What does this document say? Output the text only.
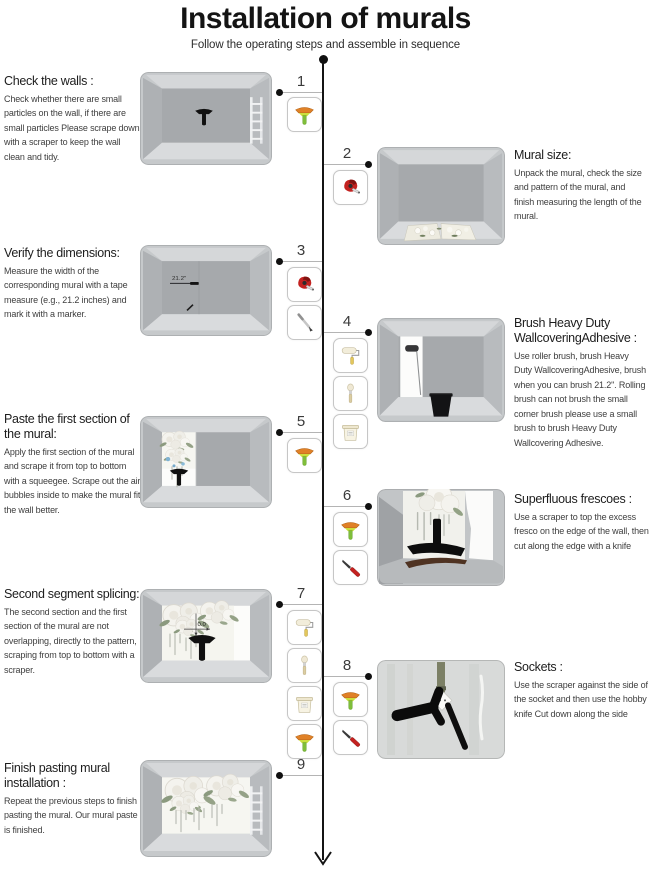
Installation of murals

Follow the operating steps and assemble in sequence

Check the walls :

Check whether there are small particles on the wall, if there are small particles Please scrape down with a scraper to keep the wall clean and tidy.

1
Mural size:

Unpack the mural, check the size and pattern of the mural, and finish measuring the length of the mural.

2
Verify the dimensions:

Measure the width of the corresponding mural with a tape measure (e.g., 21.2 inches) and mark it with a marker.

21.2"
3
Brush Heavy Duty WallcoveringAdhesive :

Use roller brush, brush Heavy Duty WallcoveringAdhesive, brush when you can brush 21.2". Rolling brush can not brush the small corner brush please use a small brush to brush Heavy Duty Wallcovering Adhesive.

4
Paste the first section of the mural:

Apply the first section of the mural and scrape it from top to bottom with a squeegee. Scrape out the air bubbles inside to make the mural fit the wall better.

5
Superfluous frescoes :

Use a scraper to top the excess fresco on the edge of the wall, then cut along the edge with a knife

6
Second segment splicing:

The second section and the first section of the mural are not overlapping, directly to the pattern, scraping from top to bottom with a scraper.

0.0
7
Sockets :

Use the scraper against the side of the socket and then use the hobby knife Cut down along the side

8
Finish pasting mural installation :

Repeat the previous steps to finish pasting the mural. Our mural paste is finished.

9
